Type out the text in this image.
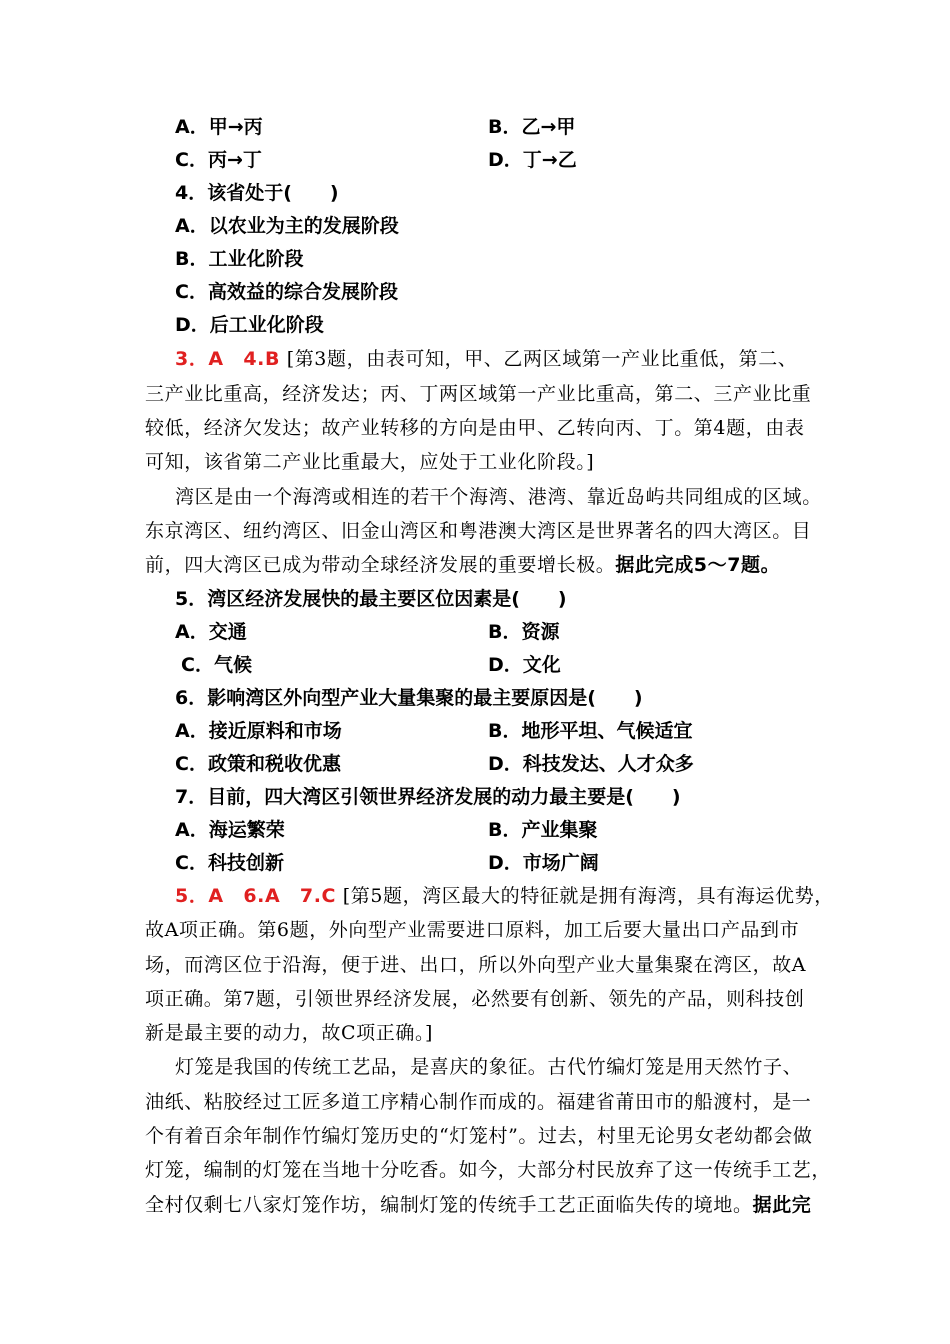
A．甲→丙	B．乙→甲
C．丙→丁	D．丁→乙
4．该省处于(　　)
A．以农业为主的发展阶段
B．工业化阶段
C．高效益的综合发展阶段
D．后工业化阶段
3．A　4.B [第3题，由表可知，甲、乙两区域第一产业比重低，第二、
三产业比重高，经济发达；丙、丁两区域第一产业比重高，第二、三产业比重
较低，经济欠发达；故产业转移的方向是由甲、乙转向丙、丁。第4题，由表
可知，该省第二产业比重最大，应处于工业化阶段。]
湾区是由一个海湾或相连的若干个海湾、港湾、靠近岛屿共同组成的区域。
东京湾区、纽约湾区、旧金山湾区和粤港澳大湾区是世界著名的四大湾区。目
前，四大湾区已成为带动全球经济发展的重要增长极。据此完成5～7题。
5．湾区经济发展快的最主要区位因素是(　　)
A．交通	B．资源
C．气候	D．文化
6．影响湾区外向型产业大量集聚的最主要原因是(　　)
A．接近原料和市场	B．地形平坦、气候适宜
C．政策和税收优惠	D．科技发达、人才众多
7．目前，四大湾区引领世界经济发展的动力最主要是(　　)
A．海运繁荣	B．产业集聚
C．科技创新	D．市场广阔
5．A　6.A　7.C [第5题，湾区最大的特征就是拥有海湾，具有海运优势，
故A项正确。第6题，外向型产业需要进口原料，加工后要大量出口产品到市
场，而湾区位于沿海，便于进、出口，所以外向型产业大量集聚在湾区，故A
项正确。第7题，引领世界经济发展，必然要有创新、领先的产品，则科技创
新是最主要的动力，故C项正确。]
灯笼是我国的传统工艺品，是喜庆的象征。古代竹编灯笼是用天然竹子、
油纸、粘胶经过工匠多道工序精心制作而成的。福建省莆田市的船渡村，是一
个有着百余年制作竹编灯笼历史的“灯笼村”。过去，村里无论男女老幼都会做
灯笼，编制的灯笼在当地十分吃香。如今，大部分村民放弃了这一传统手工艺，
全村仅剩七八家灯笼作坊，编制灯笼的传统手工艺正面临失传的境地。据此完
